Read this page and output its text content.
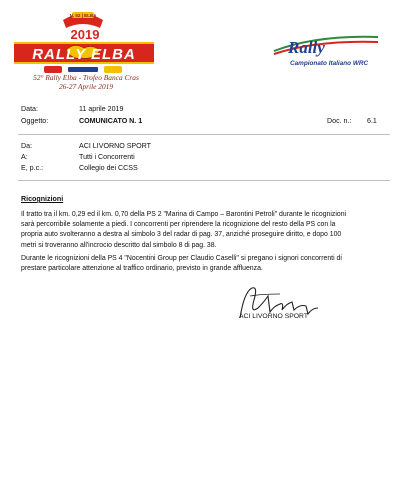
N. 52 | ELBA
RALLY ELBA
2019
52° Rally Elba - Trofeo Banca Cras
26-27 Aprile 2019
Rally
Campionato Italiano WRC
Data:	11 aprile 2019
Oggetto:	COMUNICATO N. 1	Doc. n.: 6.1
Da:	ACI LIVORNO SPORT
A:	Tutti i Concorrenti
E, p.c.:	Collegio dei CCSS
Ricognizioni
Il tratto tra il km. 0,29 ed il km. 0,70 della PS 2 "Marina di Campo – Barontini Petroli" durante le ricognizioni
sarà percorribile solamente a piedi. I concorrenti per riprendere la ricognizione del resto della PS con la
propria auto svolteranno a destra al simbolo 3 del radar di pag. 37, anziché proseguire diritto, e dopo 100
metri si troveranno all'incrocio descritto dal simbolo 8 di pag. 38.
Durante le ricognizioni della PS 4 "Nocentini Group per Claudio Caselli" si pregano i signori concorrenti di
prestare particolare attenzione al traffico ordinario, previsto in grande affluenza.
ACI LIVORNO SPORT
